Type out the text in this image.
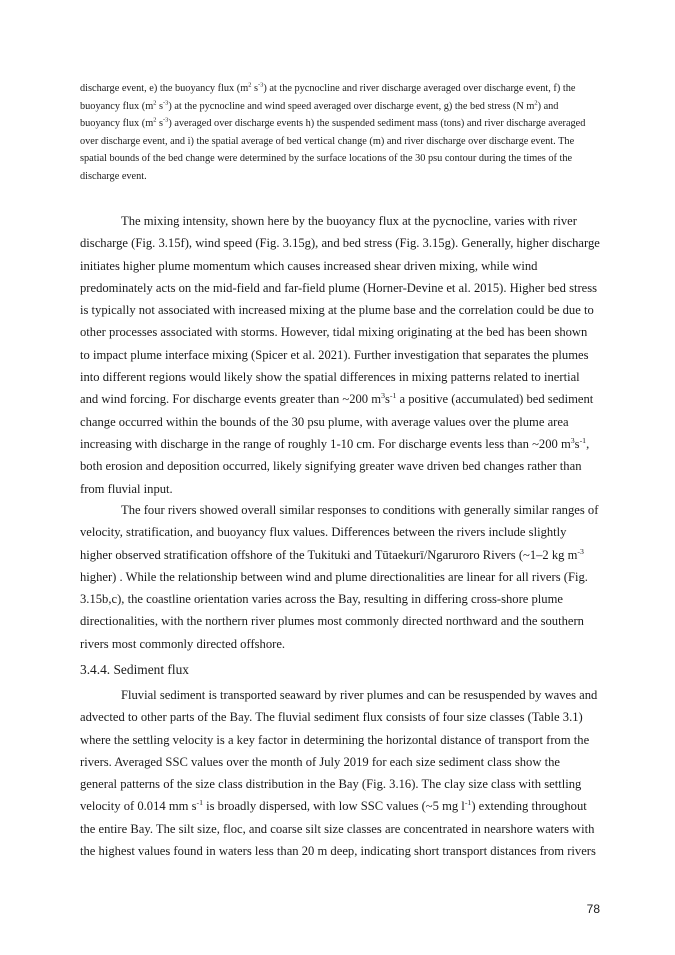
discharge event, e) the buoyancy flux ($m^2$ $s^{-3}$) at the pycnocline and river discharge averaged over discharge event, f) the buoyancy flux ($m^2$ $s^{-3}$) at the pycnocline and wind speed averaged over discharge event, g) the bed stress (N $m^2$) and buoyancy flux ($m^2$ $s^{-3}$) averaged over discharge events h) the suspended sediment mass (tons) and river discharge averaged over discharge event, and i) the spatial average of bed vertical change (m) and river discharge over discharge event. The spatial bounds of the bed change were determined by the surface locations of the 30 psu contour during the times of the discharge event.
The mixing intensity, shown here by the buoyancy flux at the pycnocline, varies with river discharge (Fig. 3.15f), wind speed (Fig. 3.15g), and bed stress (Fig. 3.15g). Generally, higher discharge initiates higher plume momentum which causes increased shear driven mixing, while wind predominately acts on the mid-field and far-field plume (Horner-Devine et al. 2015). Higher bed stress is typically not associated with increased mixing at the plume base and the correlation could be due to other processes associated with storms. However, tidal mixing originating at the bed has been shown to impact plume interface mixing (Spicer et al. 2021). Further investigation that separates the plumes into different regions would likely show the spatial differences in mixing patterns related to inertial and wind forcing. For discharge events greater than ~200 $m^3s^{-1}$ a positive (accumulated) bed sediment change occurred within the bounds of the 30 psu plume, with average values over the plume area increasing with discharge in the range of roughly 1-10 cm. For discharge events less than ~200 $m^3s^{-1}$, both erosion and deposition occurred, likely signifying greater wave driven bed changes rather than from fluvial input.
The four rivers showed overall similar responses to conditions with generally similar ranges of velocity, stratification, and buoyancy flux values. Differences between the rivers include slightly higher observed stratification offshore of the Tukituki and Tūtaekurī/Ngaruroro Rivers (~1–2 kg $m^{-3}$ higher) . While the relationship between wind and plume directionalities are linear for all rivers (Fig. 3.15b,c), the coastline orientation varies across the Bay, resulting in differing cross-shore plume directionalities, with the northern river plumes most commonly directed northward and the southern rivers most commonly directed offshore.
3.4.4. Sediment flux
Fluvial sediment is transported seaward by river plumes and can be resuspended by waves and advected to other parts of the Bay. The fluvial sediment flux consists of four size classes (Table 3.1) where the settling velocity is a key factor in determining the horizontal distance of transport from the rivers. Averaged SSC values over the month of July 2019 for each size sediment class show the general patterns of the size class distribution in the Bay (Fig. 3.16). The clay size class with settling velocity of 0.014 mm $s^{-1}$ is broadly dispersed, with low SSC values (~5 mg $l^{-1}$) extending throughout the entire Bay. The silt size, floc, and coarse silt size classes are concentrated in nearshore waters with the highest values found in waters less than 20 m deep, indicating short transport distances from rivers
78
